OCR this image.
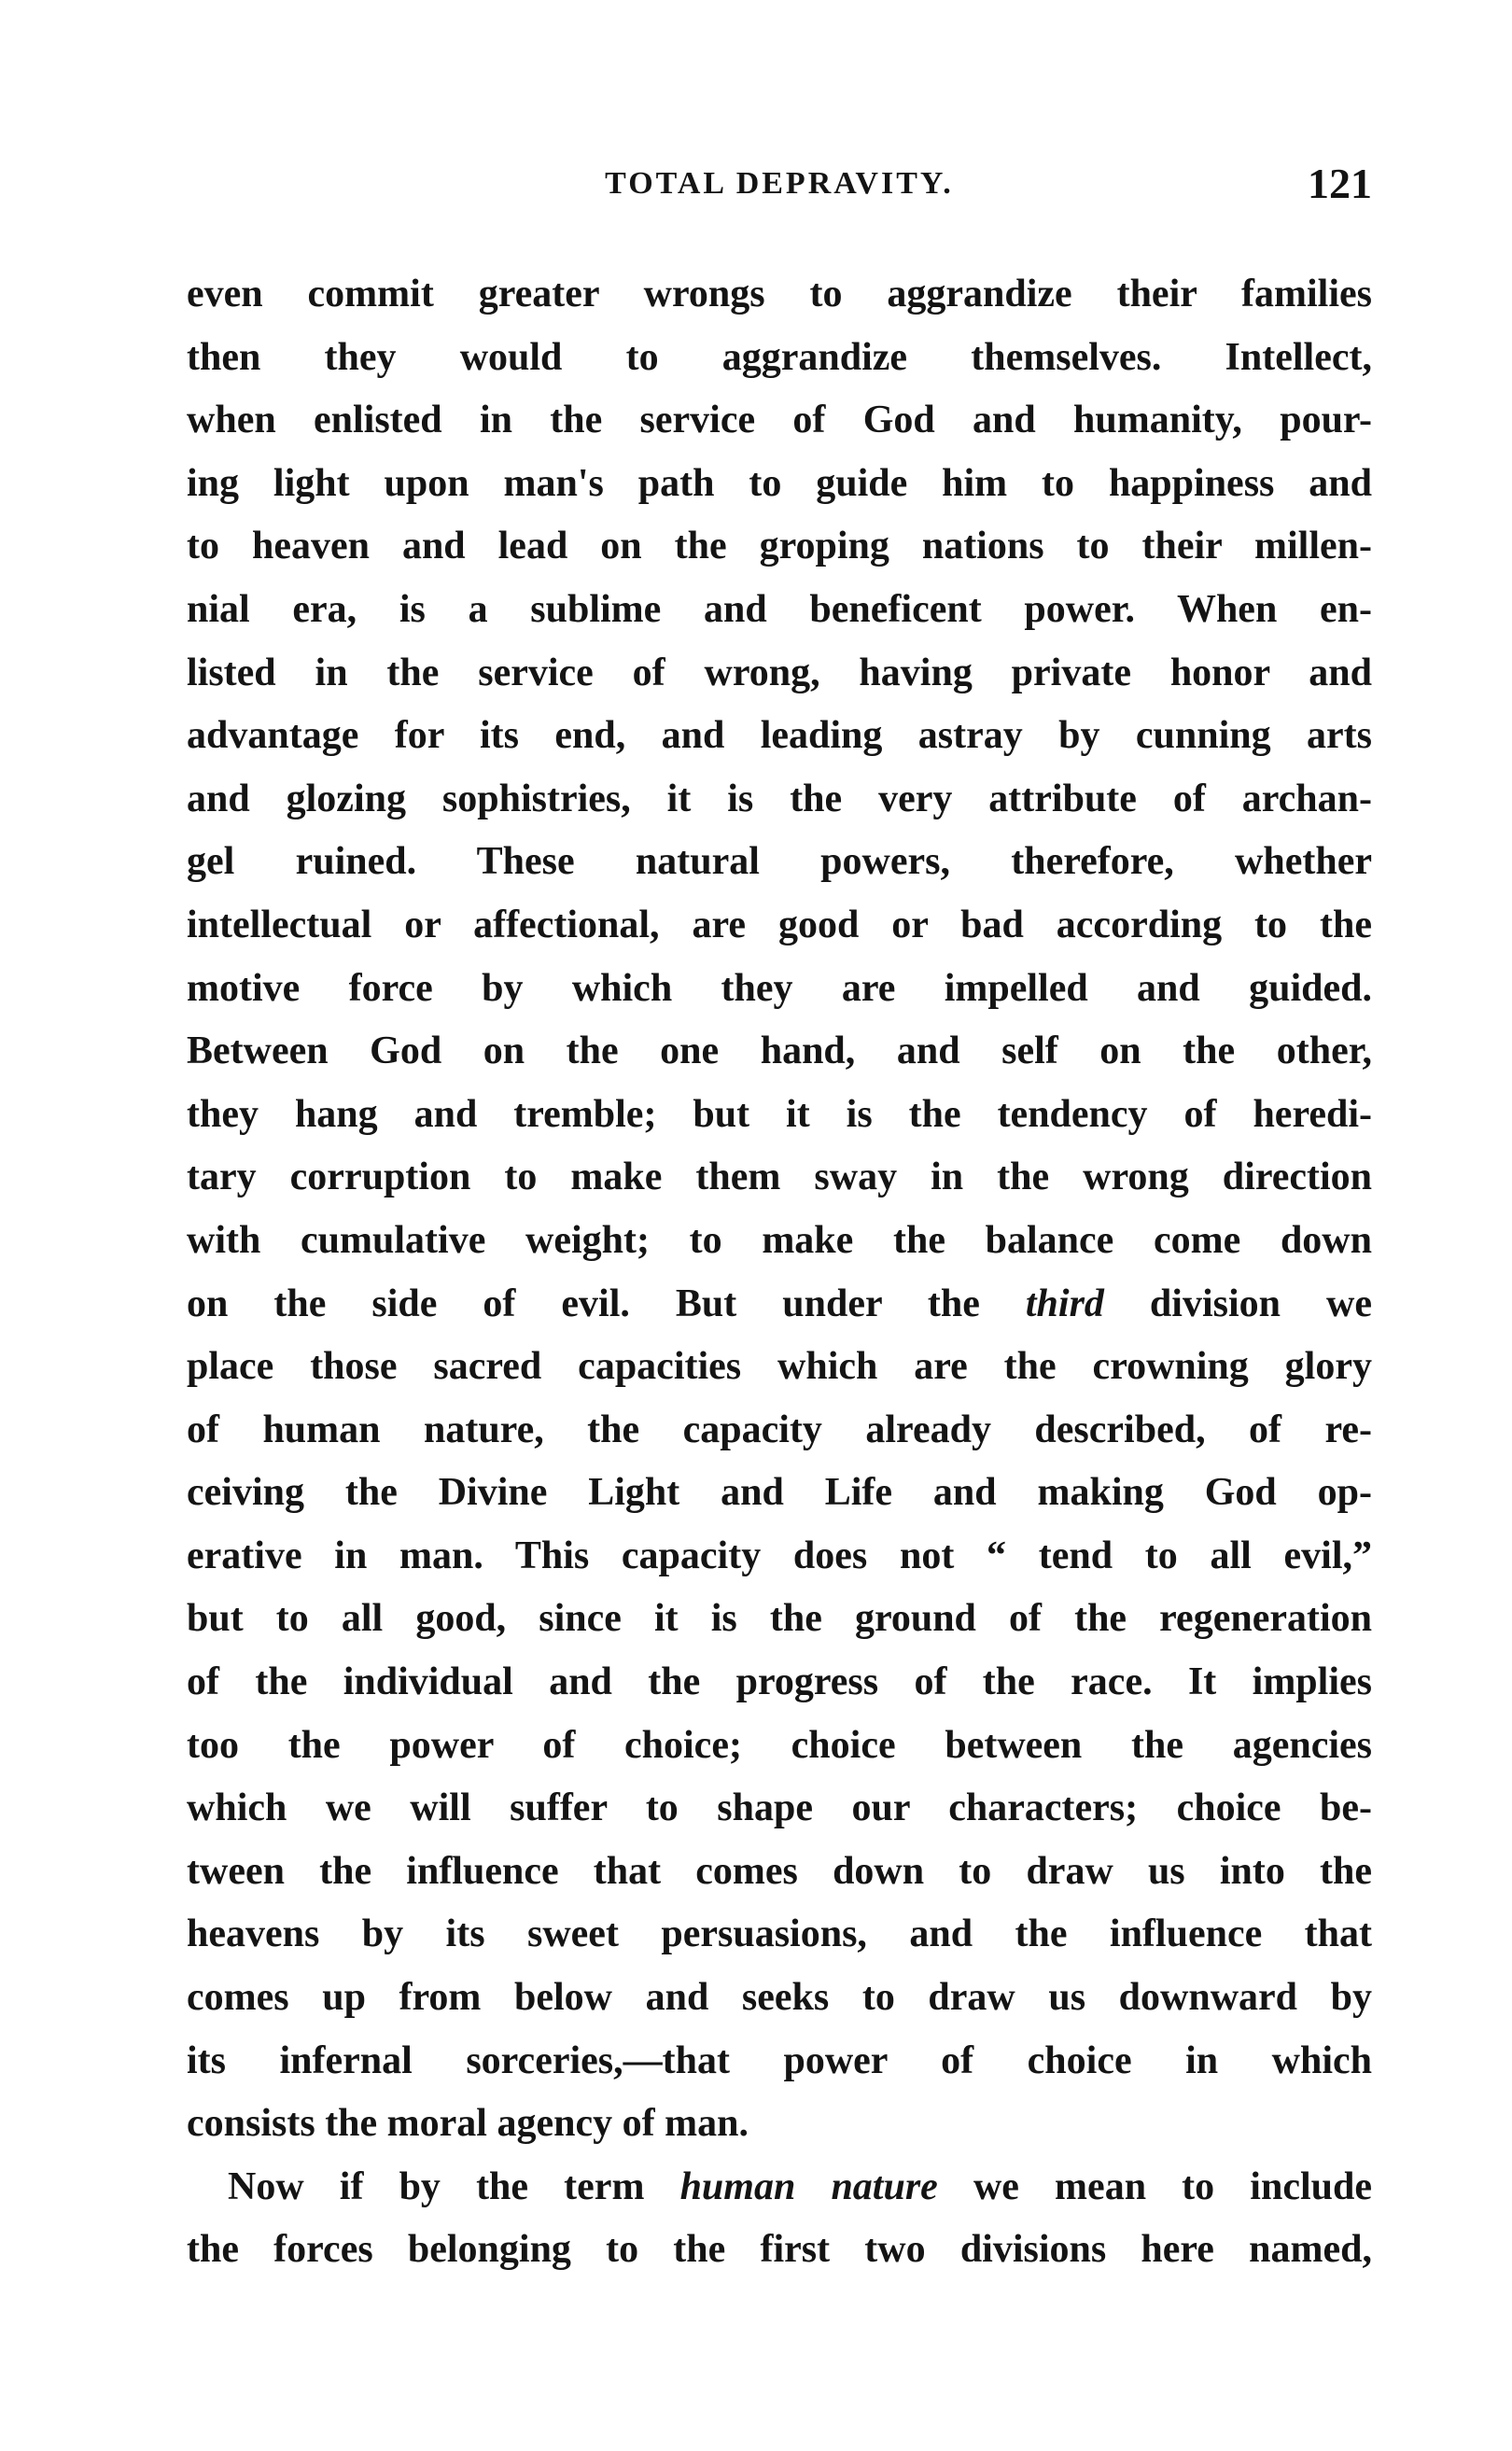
TOTAL DEPRAVITY.	121
even commit greater wrongs to aggrandize their families
then they would to aggrandize themselves. Intellect,
when enlisted in the service of God and humanity, pour-
ing light upon man's path to guide him to happiness and
to heaven and lead on the groping nations to their millen-
nial era, is a sublime and beneficent power. When en-
listed in the service of wrong, having private honor and
advantage for its end, and leading astray by cunning arts
and glozing sophistries, it is the very attribute of archan-
gel ruined. These natural powers, therefore, whether
intellectual or affectional, are good or bad according to the
motive force by which they are impelled and guided.
Between God on the one hand, and self on the other,
they hang and tremble; but it is the tendency of heredi-
tary corruption to make them sway in the wrong direction
with cumulative weight; to make the balance come down
on the side of evil. But under the third division we
place those sacred capacities which are the crowning glory
of human nature, the capacity already described, of re-
ceiving the Divine Light and Life and making God op-
erative in man. This capacity does not “ tend to all evil,”
but to all good, since it is the ground of the regeneration
of the individual and the progress of the race. It implies
too the power of choice; choice between the agencies
which we will suffer to shape our characters; choice be-
tween the influence that comes down to draw us into the
heavens by its sweet persuasions, and the influence that
comes up from below and seeks to draw us downward by
its infernal sorceries,—that power of choice in which
consists the moral agency of man.
Now if by the term human nature we mean to include
the forces belonging to the first two divisions here named,
